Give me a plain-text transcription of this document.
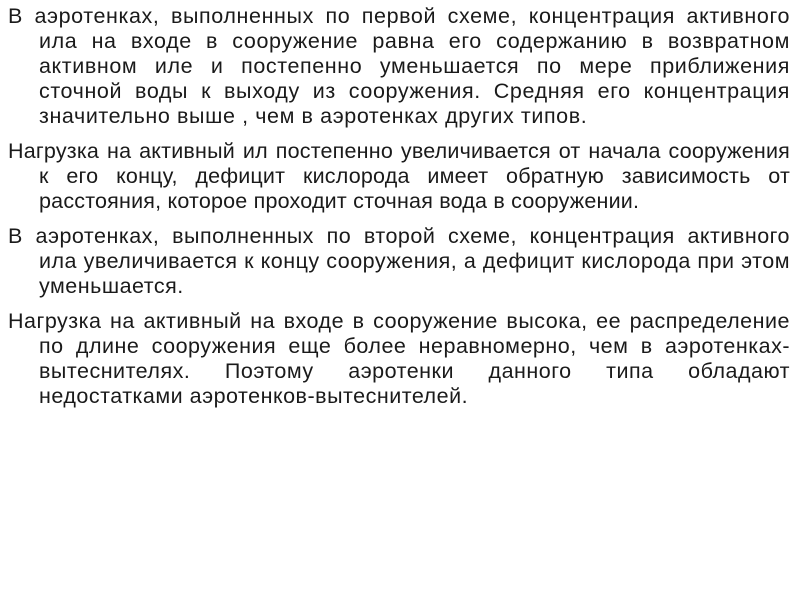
В аэротенках, выполненных по первой схеме, концентрация активного ила на входе в сооружение равна его содержанию в возвратном активном иле и постепенно уменьшается по мере приближения сточной воды к выходу из сооружения. Средняя его концентрация значительно выше , чем в аэротенках других типов.

Нагрузка на активный ил постепенно увеличивается от начала сооружения к его концу, дефицит кислорода имеет обратную зависимость от расстояния, которое проходит сточная вода в сооружении.

В аэротенках, выполненных по второй схеме, концентрация активного ила увеличивается к концу сооружения, а дефицит кислорода при этом уменьшается.

Нагрузка на активный на входе в сооружение высока, ее распределение по длине сооружения еще более неравномерно, чем в аэротенках-вытеснителях. Поэтому аэротенки данного типа обладают недостатками аэротенков-вытеснителей.
